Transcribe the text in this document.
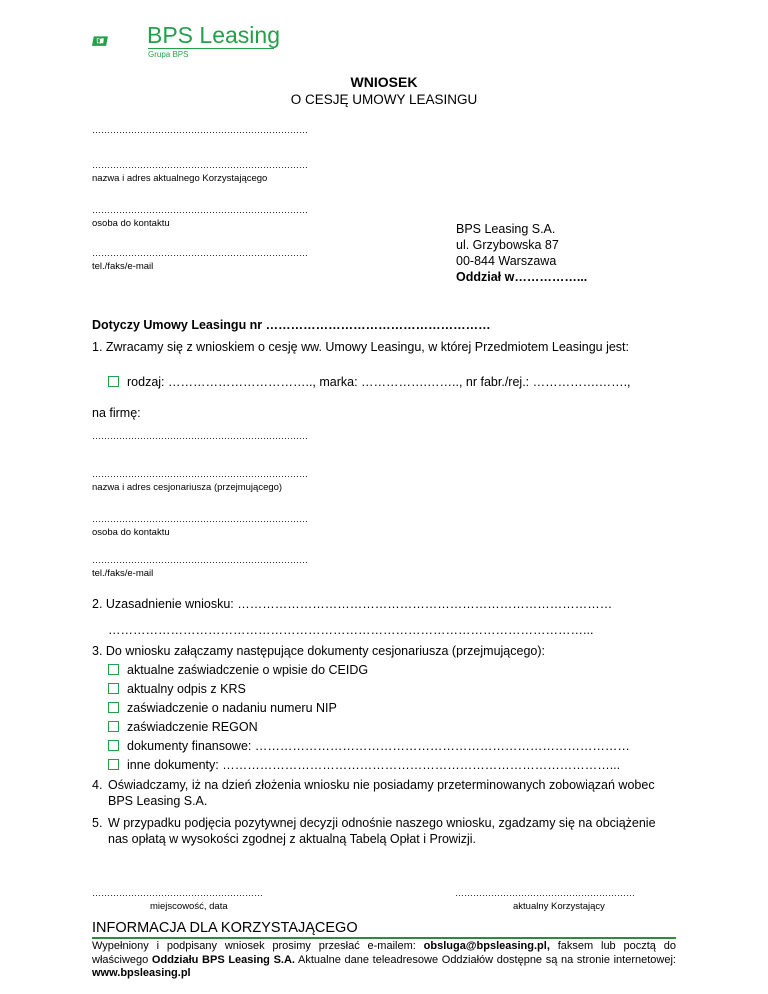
BPS Leasing
Grupa BPS
WNIOSEK
O CESJĘ UMOWY LEASINGU
………………………………………………………………
………………………………………………………………
nazwa i adres aktualnego Korzystającego
………………………………………………………………
osoba do kontaktu
………………………………………………………………
tel./faks/e-mail
BPS Leasing S.A.
ul. Grzybowska 87
00-844 Warszawa
Oddział w……………...
Dotyczy Umowy Leasingu nr ………………………………………………
1. Zwracamy się z wnioskiem o cesję ww. Umowy Leasingu, w której Przedmiotem Leasingu jest:
rodzaj: …………………………….., marka: …………….…….., nr fabr./rej.: …………….…….,
na firmę:
………………………………………………………………
………………………………………………………………
nazwa i adres cesjonariusza (przejmującego)
………………………………………………………………
osoba do kontaktu
………………………………………………………………
tel./faks/e-mail
2. Uzasadnienie wniosku: ………………………………………………………………………………
……………………………………………………………………………………………………...
3. Do wniosku załączamy następujące dokumenty cesjonariusza (przejmującego):
aktualne zaświadczenie o wpisie do CEIDG
aktualny odpis z KRS
zaświadczenie o nadaniu numeru NIP
zaświadczenie REGON
dokumenty finansowe: ………………………………………………………………………………
inne dokumenty: …………………………………………………………………………………...
4. Oświadczamy, iż na dzień złożenia wniosku nie posiadamy przeterminowanych zobowiązań wobec BPS Leasing S.A.
5. W przypadku podjęcia pozytywnej decyzji odnośnie naszego wniosku, zgadzamy się na obciążenie nas opłatą w wysokości zgodnej z aktualną Tabelą Opłat i Prowizji.
…………………………………………………
miejscowość, data
……………………………………………………
aktualny Korzystający
INFORMACJA DLA KORZYSTAJĄCEGO
Wypełniony i podpisany wniosek prosimy przesłać e-mailem: obsluga@bpsleasing.pl, faksem lub pocztą do właściwego Oddziału BPS Leasing S.A. Aktualne dane teleadresowe Oddziałów dostępne są na stronie internetowej: www.bpsleasing.pl
